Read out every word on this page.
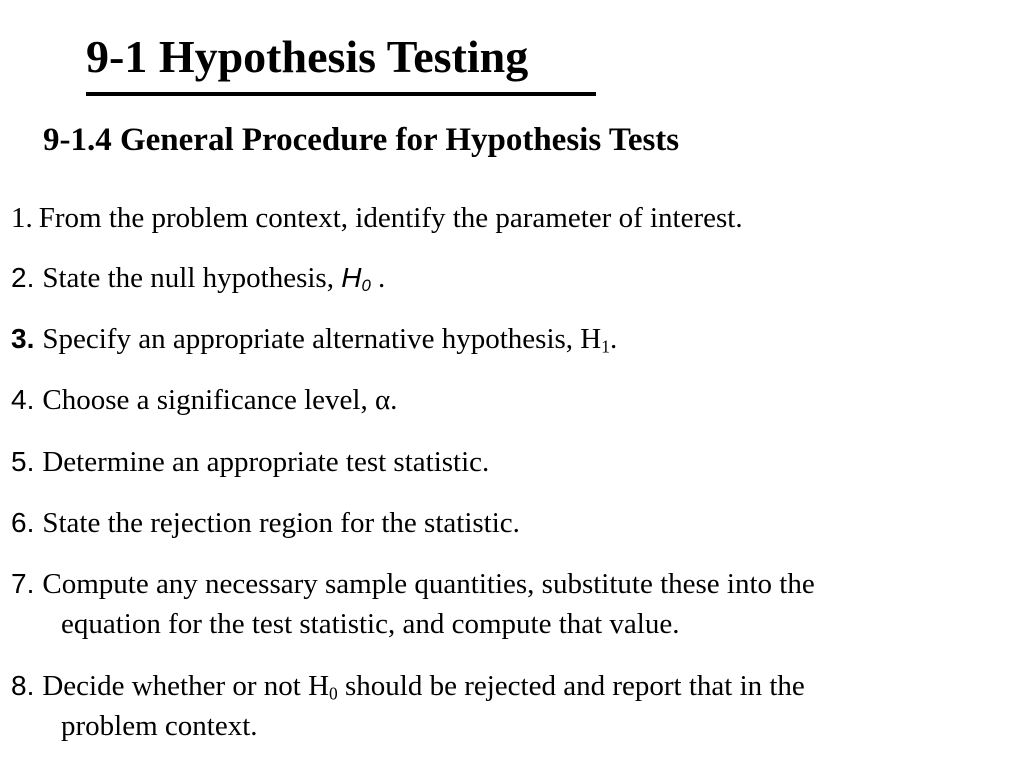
9-1 Hypothesis Testing
9-1.4 General Procedure for Hypothesis Tests
1. From the problem context, identify the parameter of interest.
2. State the null hypothesis, $H_0$ .
3. Specify an appropriate alternative hypothesis, $H_1$.
4. Choose a significance level, α.
5. Determine an appropriate test statistic.
6. State the rejection region for the statistic.
7. Compute any necessary sample quantities, substitute these into the
equation for the test statistic, and compute that value.
8. Decide whether or not $H_0$ should be rejected and report that in the
problem context.
